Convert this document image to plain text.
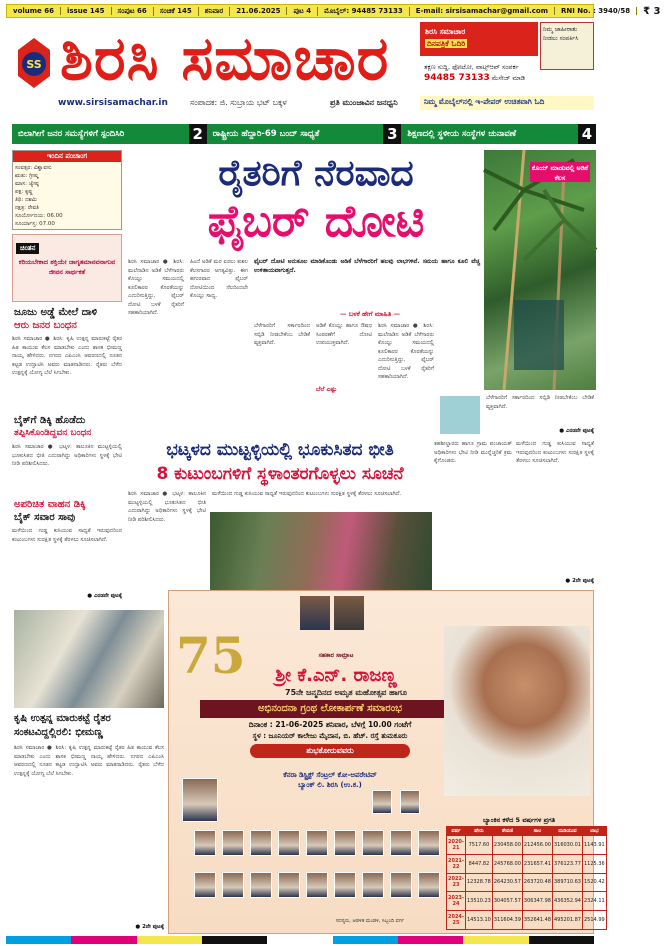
volume 66	issue 145	ಸಂಪುಟ 66	ಸಂಚಿಕೆ 145	ಶನಿವಾರ	21.06.2025	ಪುಟ 4	ಮೊಬೈಲ್: 94485 73133	E-mail: sirsisamachar@gmail.com	RNI No. : 3940/58	₹ 3
SS ಶಿರಸಿ ಸಮಾಚಾರ
www.sirsisamachar.in	ಸಂಪಾದಕ: ಜಿ. ಸುಬ್ರಾಯ ಭಟ್ ಬಕ್ಕಳ	ಪ್ರತಿ ಮುಂಜಾವಿನ ಜನಧ್ವನಿ
ಶಿರಸಿ ಸಮಾಚಾರ
ದಿನಪತ್ರಿಕೆ ಓದಿರಿ
ನಿಮ್ಮ ಜಾಹೀರಾತು ನೀಡಲು ಸಂಪರ್ಕಿಸಿ
ತಕ್ಷಣ ಸುದ್ದಿ, ಫೋಟೋ, ವಾಟ್ಸ್ಆಪ್ ಸಂಪರ್ಕ
94485 73133 ಮೆಸೇಜ್ ಮಾಡಿ
ನಿಮ್ಮ ಮೊಬೈಲ್‌ನಲ್ಲಿ ಇ-ಪೇಪರ್ ಉಚಿತವಾಗಿ ಓದಿ
ಬಿಲಾಗೀಗೆ ಜನರ ಸಮಸ್ಯೆಗಳಿಗೆ ಸ್ಪಂದಿಸಿರಿ	2	ರಾಷ್ಟ್ರೀಯ ಹೆದ್ದಾರಿ-69 ಬಂದ್ ಸಾಧ್ಯತೆ	3	ಶಿಕ್ಷಣದಲ್ಲಿ ಸ್ಥಳೀಯ ಸಂಸ್ಥೆಗಳ ಚುನಾವಣೆ	4
ಇಂದಿನ ಪಂಚಾಂಗ
ಸಂವತ್ಸರ: ವಿಶ್ವಾವಸು
ಋತು: ಗ್ರೀಷ್ಮ
ಮಾಸ: ಜ್ಯೇಷ್ಠ
ಪಕ್ಷ: ಕೃಷ್ಣ
ತಿಥಿ: ದಶಮಿ
ನಕ್ಷತ್ರ: ರೇವತಿ
ಸೂರ್ಯೋದಯ: 06.00
ಸೂರ್ಯಾಸ್ತ: 07.00
ಚಿಂತನ
ಕರಿಯಬೇಕಾದ ಶಕ್ತಿಯೇ ಜಾಗೃತಮಾನವನಾಗುವ ಜೀವನ ಸಾರ್ಥಕತೆ
ಜೂಜು ಅಡ್ಡೆ ಮೇಲೆ ದಾಳಿ
ಆರು ಜನರ ಬಂಧನ
ಶಿರಸಿ ಸಮಾಚಾರ ● ಶಿರಸಿ: ಕೃಷಿ ಉತ್ಪನ್ನ ಮಾರುಕಟ್ಟೆ ರೈತರ ಹಿತ ಕಾಯುವ ಕೆಲಸ ಮಾಡಬೇಕು ಎಂದು ಶಾಸಕ ಭೀಮಣ್ಣ ನಾಯ್ಕ ಹೇಳಿದರು. ನಗರದ ಎಪಿಎಂಸಿ ಆವರಣದಲ್ಲಿ ನೂತನ ಕಟ್ಟಡ ಉದ್ಘಾಟಿಸಿ ಅವರು ಮಾತನಾಡಿದರು. ರೈತರು ಬೆಳೆದ ಉತ್ಪನ್ನಕ್ಕೆ ಯೋಗ್ಯ ಬೆಲೆ ಸಿಗಬೇಕು.
ಬೈಕ್‌ಗೆ ಡಿಕ್ಕಿ ಹೊಡೆದು
ತಪ್ಪಿಸಿಕೊಂಡಿದ್ದವನ ಬಂಧನ
ಶಿರಸಿ ಸಮಾಚಾರ ● ಭಟ್ಕಳ: ತಾಲೂಕಿನ ಮುಟ್ಟಳ್ಳಿಯಲ್ಲಿ ಭೂಕುಸಿತದ ಭೀತಿ ಎದುರಾಗಿದ್ದು ಅಧಿಕಾರಿಗಳು ಸ್ಥಳಕ್ಕೆ ಭೇಟಿ ನೀಡಿ ಪರಿಶೀಲಿಸಿದರು.
ಅಪರಿಚಿತ ವಾಹನ ಡಿಕ್ಕಿ
ಬೈಕ್ ಸವಾರ ಸಾವು
ಮಳೆಯಿಂದ ಗುಡ್ಡ ಕುಸಿಯುವ ಸಾಧ್ಯತೆ ಇರುವುದರಿಂದ ಕುಟುಂಬಗಳು ಸುರಕ್ಷಿತ ಸ್ಥಳಕ್ಕೆ ತೆರಳಲು ಸೂಚಿಸಲಾಗಿದೆ.
● ಎರಡನೇ ಪುಟಕ್ಕೆ
ರೈತರಿಗೆ ನೆರವಾದ
ಫೈಬರ್ ದೋಟಿ
ಕೊಯ್ ಮಾಡುವಲ್ಲಿ ಅಡಿಕೆ ಕೆಲಸ
ಶಿರಸಿ ಸಮಾಚಾರ ● ಶಿರಸಿ: ಮಲೆನಾಡಿನ ಅಡಿಕೆ ಬೆಳೆಗಾರರು ಕೊಯ್ಲು ಸಮಯದಲ್ಲಿ ಕೂಲಿಕಾರರ ಕೊರತೆಯನ್ನು ಎದುರಿಸುತ್ತಿದ್ದು, ಫೈಬರ್ ದೋಟಿ ಬಳಕೆ ರೈತರಿಗೆ ಸಹಕಾರಿಯಾಗಿದೆ.
ಹಿಂದೆ ಅಡಿಕೆ ಮರ ಏರಲು ಕುಶಲ ಕೆಲಸಗಾರರ ಅಗತ್ಯವಿತ್ತು. ಈಗ ಹಗುರವಾದ ಫೈಬರ್ ದೋಟಿಯಿಂದ ನೆಲದಿಂದಲೇ ಕೊಯ್ಲು ಸಾಧ್ಯ.
ಫೈಬರ್ ದೋಟಿ ಅನುಕೂಲ ಮಾಡಿಕೊಂಡು ಅಡಿಕೆ ಬೆಳೆಗಾರರಿಗೆ ಹಲವು ಲಾಭಗಳಿವೆ. ಸಮಯ ಹಾಗೂ ಕೂಲಿ ವೆಚ್ಚ ಉಳಿತಾಯವಾಗುತ್ತದೆ.
— ಬಳಕೆ ಹೇಗೆ ಮಾಹಿತಿ —
ಬೆಳೆಗಾರರಿಗೆ ಸರ್ಕಾರದಿಂದ ಸಬ್ಸಿಡಿ ನೀಡಬೇಕೆಂಬ ಬೇಡಿಕೆ ವ್ಯಕ್ತವಾಗಿದೆ.
ಅಡಿಕೆ ಕೊಯ್ಲು ಹಾಗೂ ಔಷಧ ಸಿಂಪರಣೆಗೆ ದೋಟಿ ಉಪಯುಕ್ತವಾಗಿದೆ.
ಬೆಲೆ ಎಷ್ಟು
ಶಿರಸಿ ಸಮಾಚಾರ ● ಶಿರಸಿ: ಮಲೆನಾಡಿನ ಅಡಿಕೆ ಬೆಳೆಗಾರರು ಕೊಯ್ಲು ಸಮಯದಲ್ಲಿ ಕೂಲಿಕಾರರ ಕೊರತೆಯನ್ನು ಎದುರಿಸುತ್ತಿದ್ದು, ಫೈಬರ್ ದೋಟಿ ಬಳಕೆ ರೈತರಿಗೆ ಸಹಕಾರಿಯಾಗಿದೆ.
ಬೆಳೆಗಾರರಿಗೆ ಸರ್ಕಾರದಿಂದ ಸಬ್ಸಿಡಿ ನೀಡಬೇಕೆಂಬ ಬೇಡಿಕೆ ವ್ಯಕ್ತವಾಗಿದೆ.
● ಎರಡನೇ ಪುಟಕ್ಕೆ
ಭಟ್ಕಳದ ಮುಟ್ಟಳ್ಳಿಯಲ್ಲಿ ಭೂಕುಸಿತದ ಭೀತಿ
8 ಕುಟುಂಬಗಳಿಗೆ ಸ್ಥಳಾಂತರಗೊಳ್ಳಲು ಸೂಚನೆ
ಶಿರಸಿ ಸಮಾಚಾರ ● ಭಟ್ಕಳ: ತಾಲೂಕಿನ ಮುಟ್ಟಳ್ಳಿಯಲ್ಲಿ ಭೂಕುಸಿತದ ಭೀತಿ ಎದುರಾಗಿದ್ದು ಅಧಿಕಾರಿಗಳು ಸ್ಥಳಕ್ಕೆ ಭೇಟಿ ನೀಡಿ ಪರಿಶೀಲಿಸಿದರು.
ಮಳೆಯಿಂದ ಗುಡ್ಡ ಕುಸಿಯುವ ಸಾಧ್ಯತೆ ಇರುವುದರಿಂದ ಕುಟುಂಬಗಳು ಸುರಕ್ಷಿತ ಸ್ಥಳಕ್ಕೆ ತೆರಳಲು ಸೂಚಿಸಲಾಗಿದೆ.
ತಹಶೀಲ್ದಾರರು ಹಾಗೂ ಗ್ರಾಮ ಪಂಚಾಯತ್ ಅಧಿಕಾರಿಗಳು ಭೇಟಿ ನೀಡಿ ಮುನ್ನೆಚ್ಚರಿಕೆ ಕ್ರಮ ಕೈಗೊಂಡರು.
ಮಳೆಯಿಂದ ಗುಡ್ಡ ಕುಸಿಯುವ ಸಾಧ್ಯತೆ ಇರುವುದರಿಂದ ಕುಟುಂಬಗಳು ಸುರಕ್ಷಿತ ಸ್ಥಳಕ್ಕೆ ತೆರಳಲು ಸೂಚಿಸಲಾಗಿದೆ.
● 2ನೇ ಪುಟಕ್ಕೆ
ಕೃಷಿ ಉತ್ಪನ್ನ ಮಾರುಕಟ್ಟೆ ರೈತರ ಸಂಕಟವಿದ್ದಲ್ಲಿರಲಿ: ಭೀಮಣ್ಣ
ಶಿರಸಿ ಸಮಾಚಾರ ● ಶಿರಸಿ: ಕೃಷಿ ಉತ್ಪನ್ನ ಮಾರುಕಟ್ಟೆ ರೈತರ ಹಿತ ಕಾಯುವ ಕೆಲಸ ಮಾಡಬೇಕು ಎಂದು ಶಾಸಕ ಭೀಮಣ್ಣ ನಾಯ್ಕ ಹೇಳಿದರು. ನಗರದ ಎಪಿಎಂಸಿ ಆವರಣದಲ್ಲಿ ನೂತನ ಕಟ್ಟಡ ಉದ್ಘಾಟಿಸಿ ಅವರು ಮಾತನಾಡಿದರು. ರೈತರು ಬೆಳೆದ ಉತ್ಪನ್ನಕ್ಕೆ ಯೋಗ್ಯ ಬೆಲೆ ಸಿಗಬೇಕು.
● 2ನೇ ಪುಟಕ್ಕೆ
75	ಸಹಕಾರ ಸಾಮ್ರಾಟ
ಶ್ರೀ ಕೆ.ಎನ್. ರಾಜಣ್ಣ
75ನೇ ಜನ್ಮದಿನದ ಅಮೃತ ಮಹೋತ್ಸವ ಹಾಗೂ
ಅಭಿನಂದನಾ ಗ್ರಂಥ ಲೋಕಾರ್ಪಣೆ ಸಮಾರಂಭ
ದಿನಾಂಕ : 21-06-2025 ಶನಿವಾರ, ಬೆಳಗ್ಗೆ 10.00 ಗಂಟೆಗೆ
ಸ್ಥಳ : ಜೂನಿಯರ್ ಕಾಲೇಜು ಮೈದಾನ, ಬಿ. ಹೆಚ್. ರಸ್ತೆ ತುಮಕೂರು
ಶುಭಕೋರುವವರು
ಕೆನರಾ ಡಿಸ್ಟ್ರಿಕ್ಟ್ ಸೆಂಟ್ರಲ್ ಕೋ-ಆಪರೇಟಿವ್
ಬ್ಯಾಂಕ್ ಲಿ. ಶಿರಸಿ (ಉ.ಕ.)
ಬ್ಯಾಂಕಿನ ಕಳೆದ 5 ವರ್ಷಗಳ ಪ್ರಗತಿ
ವರ್ಷ	ಷೇರು	ಠೇವಣಿ	ಸಾಲ	ದುಡಿಯುವ	ಲಾಭ
2020-21	7517.60	230458.00	212456.00	316030.01	1143.91
2021-22	8447.82	245768.00	231657.41	376123.77	1125.36
2022-23	12328.78	264230.57	263720.48	389710.63	1520.42
2023-24	13510.23	304057.57	306347.98	436352.94	2324.11
2024-25	14513.10	311604.39	352641.48	495201.87	2514.99
ಸದಸ್ಯರು, ಆಡಳಿತ ಮಂಡಳಿ, ಸಿಬ್ಬಂದಿ ವರ್ಗ
